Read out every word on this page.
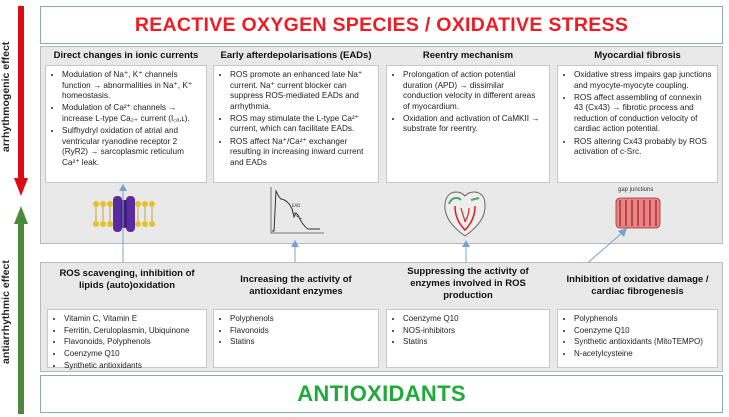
arrhythmogenic effect
antiarrhythmic effect
REACTIVE OXYGEN SPECIES / OXIDATIVE STRESS
Direct changes in ionic currents
• Modulation of Na⁺, K⁺ channels function → abnormalities in Na⁺, K⁺ homeostasis.
• Modulation of Ca²⁺ channels → increase L-type Ca₂₊ current (I꜀ₐ,ʟ).
• Sulfhydryl oxidation of atrial and ventricular ryanodine receptor 2 (RyR2) → sarcoplasmic reticulum Ca²⁺ leak.
Early afterdepolarisations (EADs)
• ROS promote an enhanced late Na⁺ current. Na⁺ current blocker can suppress ROS-mediated EADs and arrhythmia.
• ROS may stimulate the L-type Ca²⁺ current, which can facilitate EADs.
• ROS affect Na⁺/Ca²⁺ exchanger resulting in increasing inward current and EADs
Reentry mechanism
• Prolongation of action potential duration (APD) → dissimilar conduction velocity in different areas of myocardium.
• Oxidation and activation of CaMKII → substrate for reentry.
Myocardial fibrosis
• Oxidative stress impairs gap junctions and myocyte-myocyte coupling.
• ROS affect assembling of connexin 43 (Cx43) → fibrotic process and reduction of conduction velocity of cardiac action potential.
• ROS altering Cx43 probably by ROS activation of c-Src.
EAD
gap junctions
ROS scavenging, inhibition of lipids (auto)oxidation
• Vitamin C, Vitamin E
• Ferritin, Ceruloplasmin, Ubiquinone
• Flavonoids, Polyphenols
• Coenzyme Q10
• Synthetic antioxidants
Increasing the activity of antioxidant enzymes
• Polyphenols
• Flavonoids
• Statins
Suppressing the activity of enzymes involved in ROS production
• Coenzyme Q10
• NOS-inhibitors
• Statins
Inhibition of oxidative damage / cardiac fibrogenesis
• Polyphenols
• Coenzyme Q10
• Synthetic antioxidants (MitoTEMPO)
• N-acetylcysteine
ANTIOXIDANTS
